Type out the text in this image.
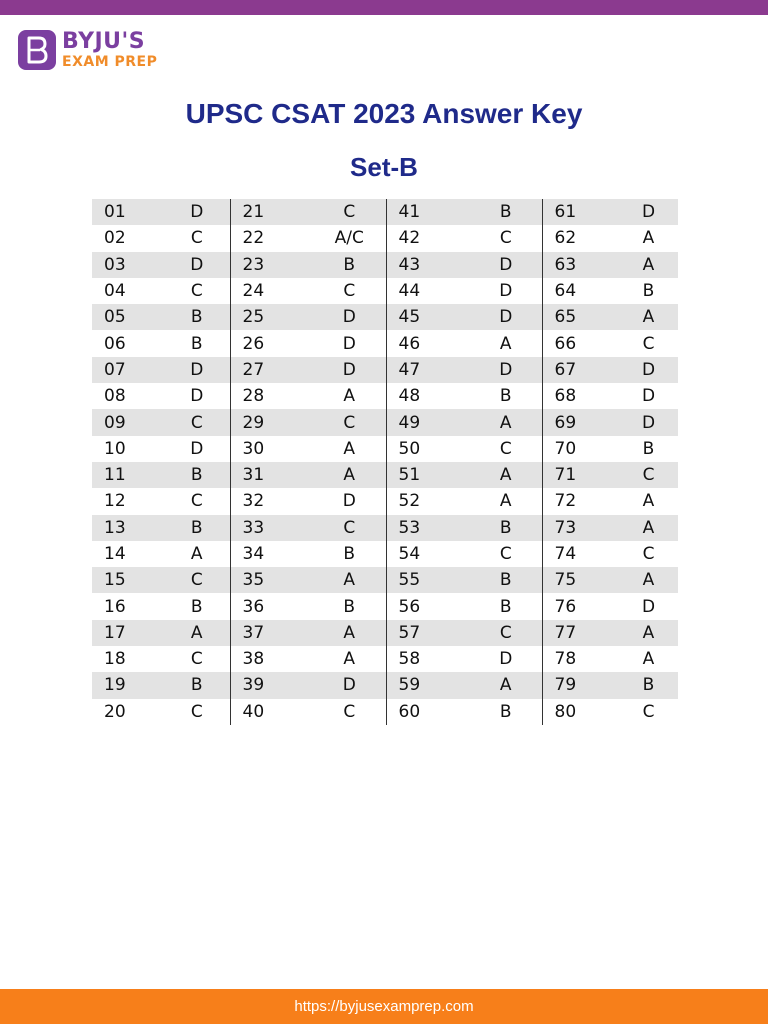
BYJU'S
EXAM PREP
UPSC CSAT 2023 Answer Key
Set-B
01	D	21	C	41	B	61	D
02	C	22	A/C	42	C	62	A
03	D	23	B	43	D	63	A
04	C	24	C	44	D	64	B
05	B	25	D	45	D	65	A
06	B	26	D	46	A	66	C
07	D	27	D	47	D	67	D
08	D	28	A	48	B	68	D
09	C	29	C	49	A	69	D
10	D	30	A	50	C	70	B
11	B	31	A	51	A	71	C
12	C	32	D	52	A	72	A
13	B	33	C	53	B	73	A
14	A	34	B	54	C	74	C
15	C	35	A	55	B	75	A
16	B	36	B	56	B	76	D
17	A	37	A	57	C	77	A
18	C	38	A	58	D	78	A
19	B	39	D	59	A	79	B
20	C	40	C	60	B	80	C
https://byjusexamprep.com
